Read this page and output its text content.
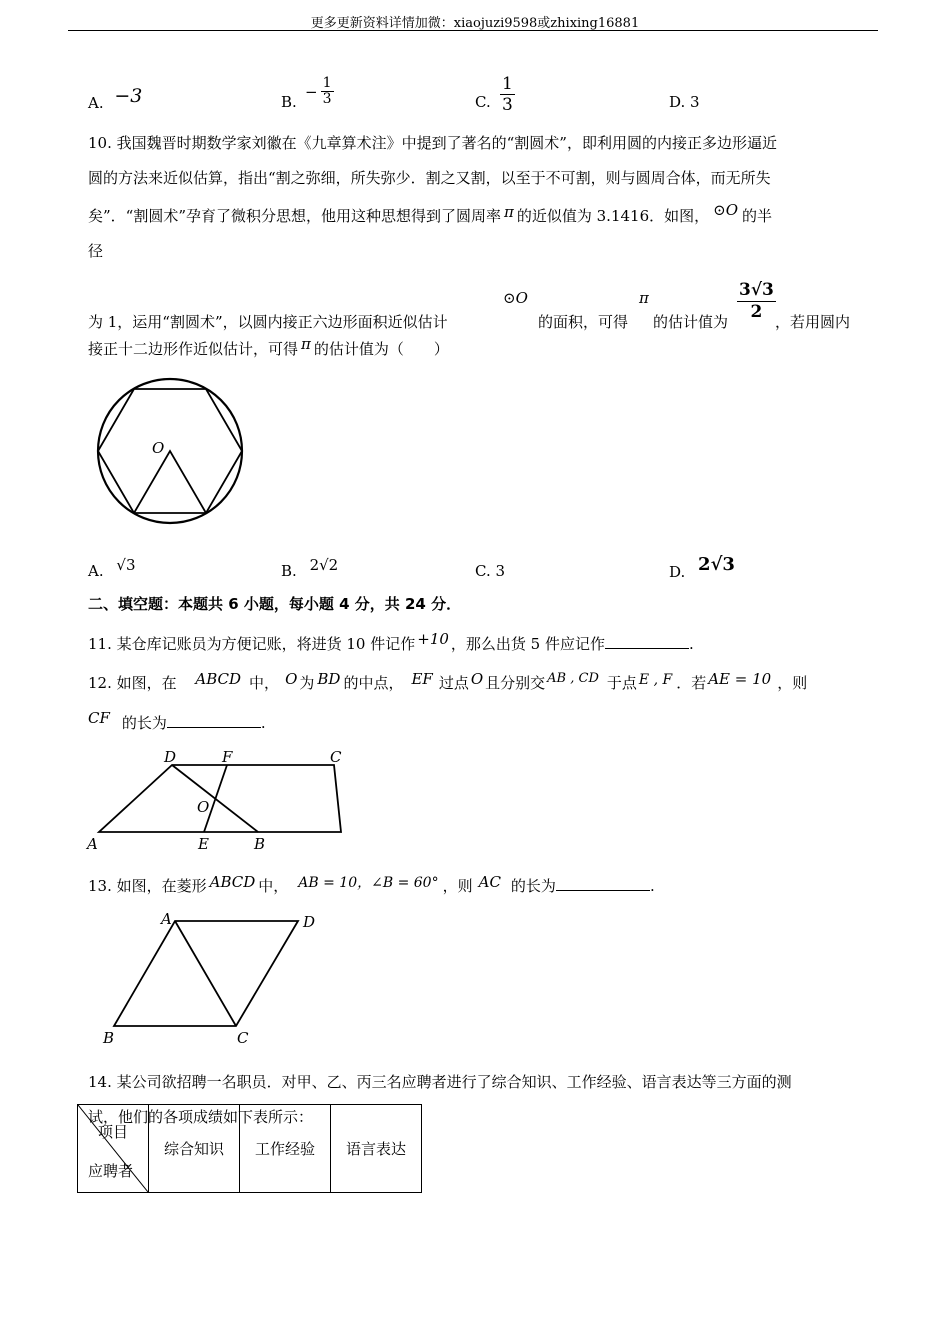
更多更新资料详情加微：xiaojuzi9598或zhixing16881
A. −3	B.
− $\frac{1}{3}$	C. $\frac{1}{3}$	D. 3
10. 我国魏晋时期数学家刘徽在《九章算术注》中提到了著名的“割圆术”，即利用圆的内接正多边形逼近
圆的方法来近似估算，指出“割之弥细，所失弥少．割之又割，以至于不可割，则与圆周合体，而无所失
矣”．“割圆术”孕育了微积分思想，他用这种思想得到了圆周率 π 的近似值为 3.1416．如图， ⊙O 的半
径
为 1，运用“割圆术”，以圆内接正六边形面积近似估计
⊙O
的面积，可得
π
的估计值为 $\frac{3√3}{2}$ ，若用圆内
接正十二边形作近似估计，可得 π 的估计值为（　　）
O
A. √3	B. 2√2	C. 3	D. 2√3
二、填空题：本题共 6 小题，每小题 4 分，共 24 分．
11. 某仓库记账员为方便记账，将进货 10 件记作 +10 ，那么出货 5 件应记作	.
12. 如图，在 ABCD 中， O 为 BD 的中点， EF 过点 O 且分别交 AB , CD 于点 E , F ．若 AE = 10 ，则
CF 的长为	.
A	B
C
D
E
F
O
13. 如图，在菱形 ABCD 中， AB = 10，∠B = 60° ，则 AC 的长为	.
A
B	C
D
14. 某公司欲招聘一名职员．对甲、乙、丙三名应聘者进行了综合知识、工作经验、语言表达等三方面的测
试，他们的各项成绩如下表所示：
项目
应聘者
	综合知识	工作经验	语言表达
